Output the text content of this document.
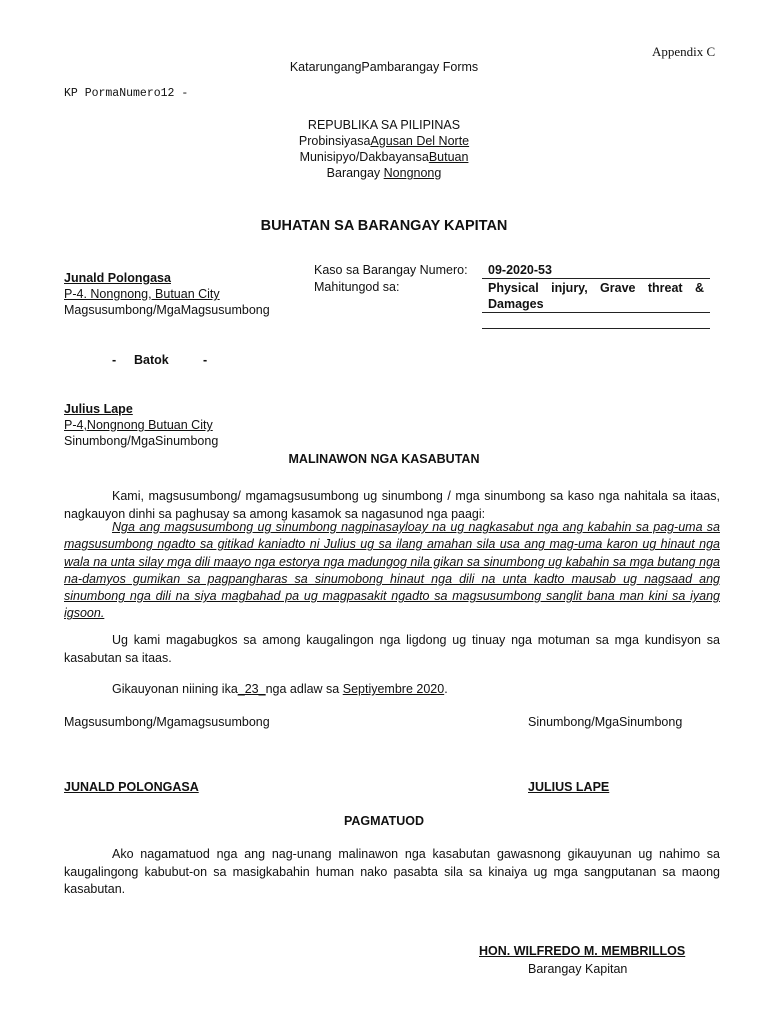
Appendix C
KatarungangPambarangay Forms
KP PormaNumero12 -
REPUBLIKA SA PILIPINAS
ProbinsiyasaAgusan Del Norte
Munisipyo/DakbayansaButuan
Barangay Nongnong
BUHATAN SA BARANGAY KAPITAN
Junald Polongasa
P-4. Nongnong, Butuan City
Magsusumbong/MgaMagsusumbong
Kaso sa Barangay Numero: 09-2020-53
Mahitungod sa:	Physical injury, Grave threat & Damages
- Batok	-
Julius Lape
P-4,Nongnong Butuan City
Sinumbong/MgaSinumbong
MALINAWON NGA KASABUTAN
Kami, magsusumbong/ mgamagsusumbong ug sinumbong / mga sinumbong sa kaso nga nahitala sa itaas, nagkauyon dinhi sa paghusay sa among kasamok sa nagasunod nga paagi:
Nga ang magsusumbong ug sinumbong nagpinasayloay na ug nagkasabut nga ang kabahin sa pag-uma sa magsusumbong ngadto sa gitikad kaniadto ni Julius ug sa ilang amahan sila usa ang mag-uma karon ug hinaut nga wala na unta silay mga dili maayo nga estorya nga madungog nila gikan sa sinumbong ug kabahin sa mga butang nga na-damyos gumikan sa pagpangharas sa sinumobong hinaut nga dili na unta kadto mausab ug nagsaad ang sinumbong nga dili na siya magbahad pa ug magpasakit ngadto sa magsusumbong sanglit bana man kini sa iyang igsoon.
Ug kami magabugkos sa among kaugalingon nga ligdong ug tinuay nga motuman sa mga kundisyon sa kasabutan sa itaas.
Gikauyonan niining ika_23_nga adlaw sa Septiyembre 2020.
Magsusumbong/Mgamagsusumbong	Sinumbong/MgaSinumbong
JUNALD POLONGASA	JULIUS LAPE
PAGMATUOD
Ako nagamatuod nga ang nag-unang malinawon nga kasabutan gawasnong gikauyunan ug nahimo sa kaugalingong kabubut-on sa masigkabahin human nako pasabta sila sa kinaiya ug mga sangputanan sa maong kasabutan.
HON. WILFREDO M. MEMBRILLOS
Barangay Kapitan
